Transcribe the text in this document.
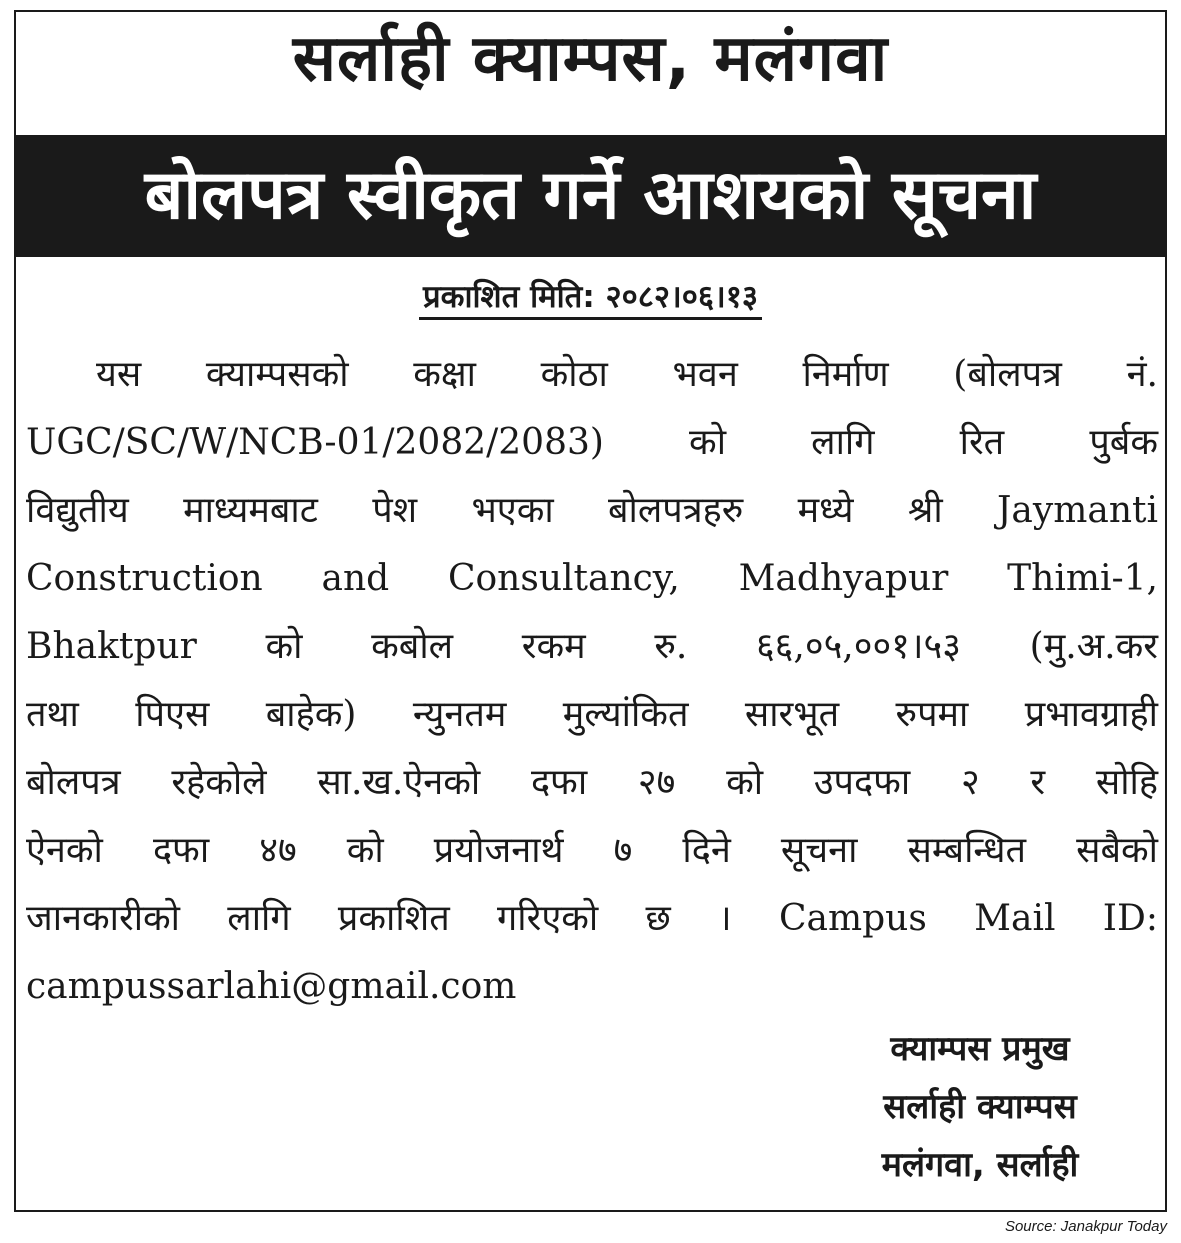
सर्लाही क्याम्पस, मलंगवा
बोलपत्र स्वीकृत गर्ने आशयको सूचना
प्रकाशित मिति: २०८२।०६।१३
यस क्याम्पसको कक्षा कोठा भवन निर्माण (बोलपत्र नं.
UGC/SC/W/NCB-01/2082/2083) को लागि रित पुर्बक
विद्युतीय माध्यमबाट पेश भएका बोलपत्रहरु मध्ये श्री Jaymanti
Construction and Consultancy, Madhyapur Thimi-1,
Bhaktpur को कबोल रकम रु. ६६,०५,००१।५३ (मु.अ.कर
तथा पिएस बाहेक) न्युनतम मुल्यांकित सारभूत रुपमा प्रभावग्राही
बोलपत्र रहेकोले सा.ख.ऐनको दफा २७ को उपदफा २ र सोहि
ऐनको दफा ४७ को प्रयोजनार्थ ७ दिने सूचना सम्बन्धित सबैको
जानकारीको लागि प्रकाशित गरिएको छ । Campus Mail ID:
campussarlahi@gmail.com
क्याम्पस प्रमुख
सर्लाही क्याम्पस
मलंगवा, सर्लाही
Source: Janakpur Today
